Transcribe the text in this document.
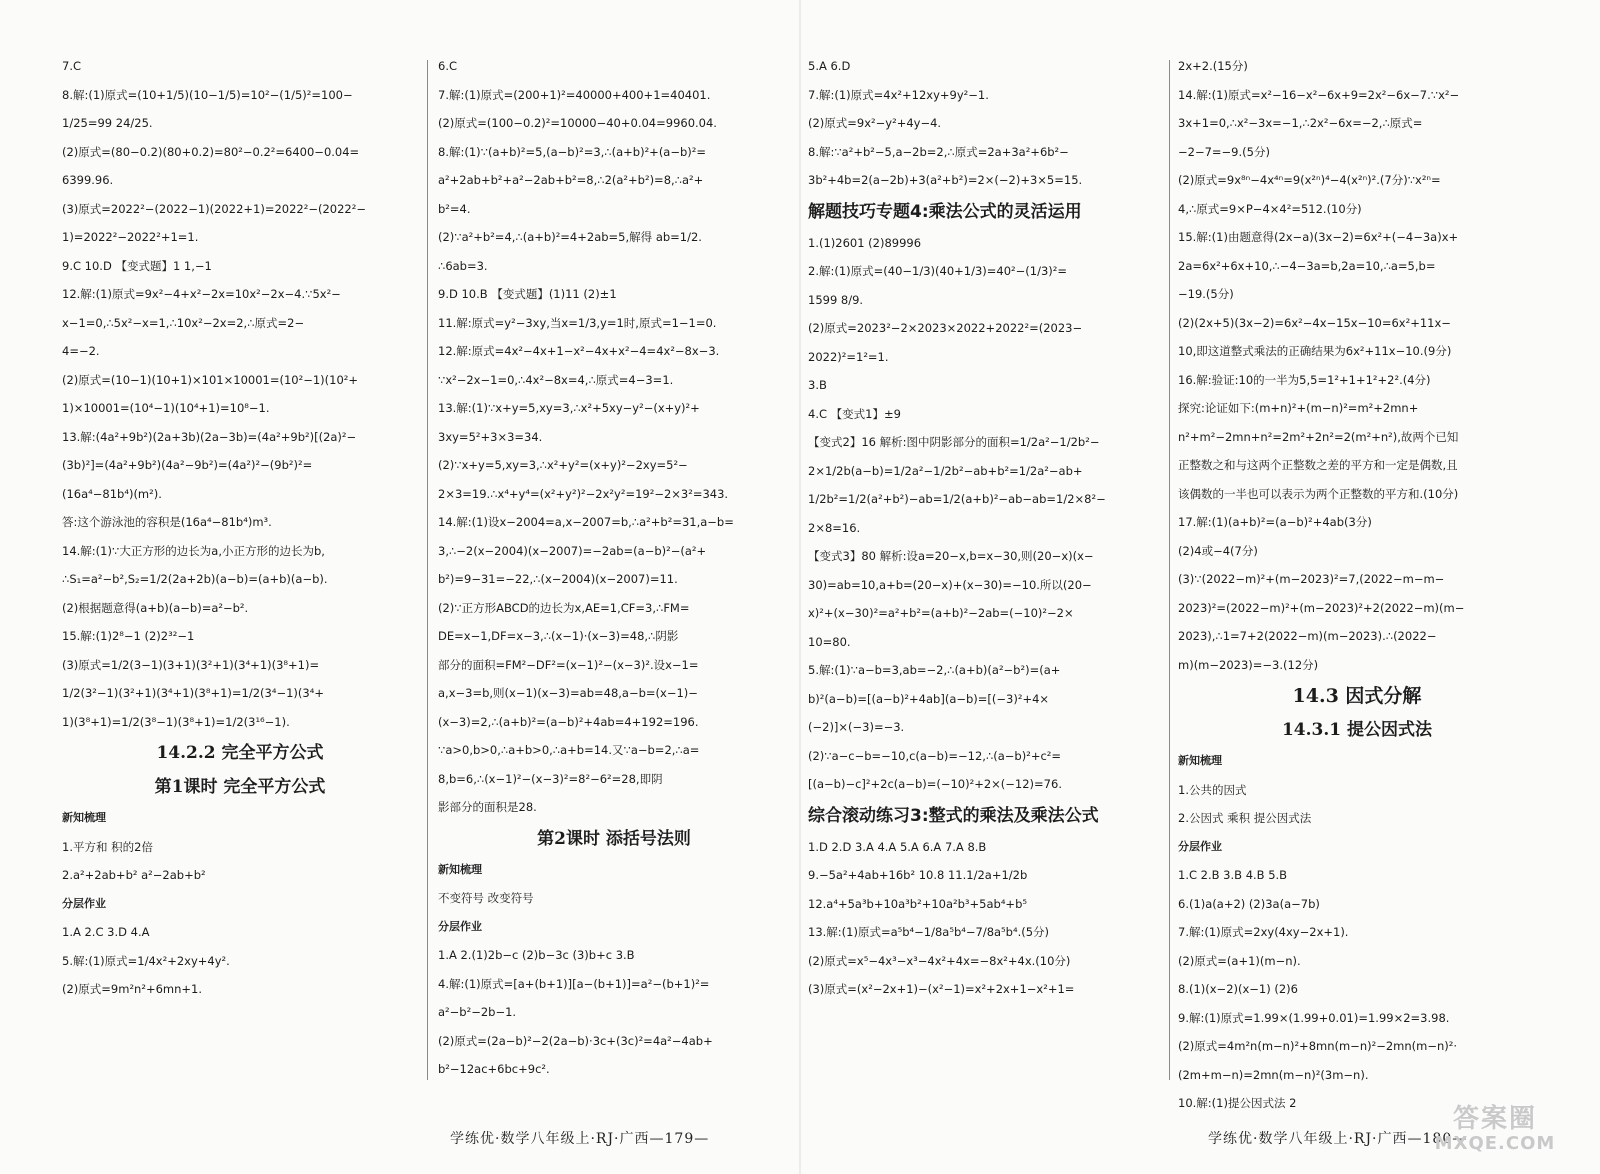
7.C
8.解:(1)原式=(10+1/5)(10−1/5)=10²−(1/5)²=100−
1/25=99 24/25.
(2)原式=(80−0.2)(80+0.2)=80²−0.2²=6400−0.04=
6399.96.
(3)原式=2022²−(2022−1)(2022+1)=2022²−(2022²−
1)=2022²−2022²+1=1.
9.C 10.D 【变式题】1 1,−1
12.解:(1)原式=9x²−4+x²−2x=10x²−2x−4.∵5x²−
x−1=0,∴5x²−x=1,∴10x²−2x=2,∴原式=2−
4=−2.
(2)原式=(10−1)(10+1)×101×10001=(10²−1)(10²+
1)×10001=(10⁴−1)(10⁴+1)=10⁸−1.
13.解:(4a²+9b²)(2a+3b)(2a−3b)=(4a²+9b²)[(2a)²−
(3b)²]=(4a²+9b²)(4a²−9b²)=(4a²)²−(9b²)²=
(16a⁴−81b⁴)(m²).
答:这个游泳池的容积是(16a⁴−81b⁴)m³.
14.解:(1)∵大正方形的边长为a,小正方形的边长为b,
∴S₁=a²−b²,S₂=1/2(2a+2b)(a−b)=(a+b)(a−b).
(2)根据题意得(a+b)(a−b)=a²−b².
15.解:(1)2⁸−1 (2)2³²−1
(3)原式=1/2(3−1)(3+1)(3²+1)(3⁴+1)(3⁸+1)=
1/2(3²−1)(3²+1)(3⁴+1)(3⁸+1)=1/2(3⁴−1)(3⁴+
1)(3⁸+1)=1/2(3⁸−1)(3⁸+1)=1/2(3¹⁶−1).
14.2.2 完全平方公式
第1课时 完全平方公式
新知梳理
1.平方和 积的2倍
2.a²+2ab+b² a²−2ab+b²
分层作业
1.A 2.C 3.D 4.A
5.解:(1)原式=1/4x²+2xy+4y².
(2)原式=9m²n²+6mn+1.
6.C
7.解:(1)原式=(200+1)²=40000+400+1=40401.
(2)原式=(100−0.2)²=10000−40+0.04=9960.04.
8.解:(1)∵(a+b)²=5,(a−b)²=3,∴(a+b)²+(a−b)²=
a²+2ab+b²+a²−2ab+b²=8,∴2(a²+b²)=8,∴a²+
b²=4.
(2)∵a²+b²=4,∴(a+b)²=4+2ab=5,解得 ab=1/2.
∴6ab=3.
9.D 10.B 【变式题】(1)11 (2)±1
11.解:原式=y²−3xy,当x=1/3,y=1时,原式=1−1=0.
12.解:原式=4x²−4x+1−x²−4x+x²−4=4x²−8x−3.
∵x²−2x−1=0,∴4x²−8x=4,∴原式=4−3=1.
13.解:(1)∵x+y=5,xy=3,∴x²+5xy−y²−(x+y)²+
3xy=5²+3×3=34.
(2)∵x+y=5,xy=3,∴x²+y²=(x+y)²−2xy=5²−
2×3=19.∴x⁴+y⁴=(x²+y²)²−2x²y²=19²−2×3²=343.
14.解:(1)设x−2004=a,x−2007=b,∴a²+b²=31,a−b=
3,∴−2(x−2004)(x−2007)=−2ab=(a−b)²−(a²+
b²)=9−31=−22,∴(x−2004)(x−2007)=11.
(2)∵正方形ABCD的边长为x,AE=1,CF=3,∴FM=
DE=x−1,DF=x−3,∴(x−1)·(x−3)=48,∴阴影
部分的面积=FM²−DF²=(x−1)²−(x−3)².设x−1=
a,x−3=b,则(x−1)(x−3)=ab=48,a−b=(x−1)−
(x−3)=2,∴(a+b)²=(a−b)²+4ab=4+192=196.
∵a>0,b>0,∴a+b>0,∴a+b=14.又∵a−b=2,∴a=
8,b=6,∴(x−1)²−(x−3)²=8²−6²=28,即阴
影部分的面积是28.
第2课时 添括号法则
新知梳理
不变符号 改变符号
分层作业
1.A 2.(1)2b−c (2)b−3c (3)b+c 3.B
4.解:(1)原式=[a+(b+1)][a−(b+1)]=a²−(b+1)²=
a²−b²−2b−1.
(2)原式=(2a−b)²−2(2a−b)·3c+(3c)²=4a²−4ab+
b²−12ac+6bc+9c².
学练优·数学八年级上·RJ·广西—179—
5.A 6.D
7.解:(1)原式=4x²+12xy+9y²−1.
(2)原式=9x²−y²+4y−4.
8.解:∵a²+b²−5,a−2b=2,∴原式=2a+3a²+6b²−
3b²+4b=2(a−2b)+3(a²+b²)=2×(−2)+3×5=15.
解题技巧专题4:乘法公式的灵活运用
1.(1)2601 (2)89996
2.解:(1)原式=(40−1/3)(40+1/3)=40²−(1/3)²=
1599 8/9.
(2)原式=2023²−2×2023×2022+2022²=(2023−
2022)²=1²=1.
3.B
4.C 【变式1】±9
【变式2】16 解析:图中阴影部分的面积=1/2a²−1/2b²−
2×1/2b(a−b)=1/2a²−1/2b²−ab+b²=1/2a²−ab+
1/2b²=1/2(a²+b²)−ab=1/2(a+b)²−ab−ab=1/2×8²−
2×8=16.
【变式3】80 解析:设a=20−x,b=x−30,则(20−x)(x−
30)=ab=10,a+b=(20−x)+(x−30)=−10.所以(20−
x)²+(x−30)²=a²+b²=(a+b)²−2ab=(−10)²−2×
10=80.
5.解:(1)∵a−b=3,ab=−2,∴(a+b)(a²−b²)=(a+
b)²(a−b)=[(a−b)²+4ab](a−b)=[(−3)²+4×
(−2)]×(−3)=−3.
(2)∵a−c−b=−10,c(a−b)=−12,∴(a−b)²+c²=
[(a−b)−c]²+2c(a−b)=(−10)²+2×(−12)=76.
综合滚动练习3:整式的乘法及乘法公式
1.D 2.D 3.A 4.A 5.A 6.A 7.A 8.B
9.−5a²+4ab+16b² 10.8 11.1/2a+1/2b
12.a⁴+5a³b+10a³b²+10a²b³+5ab⁴+b⁵
13.解:(1)原式=a⁵b⁴−1/8a⁵b⁴−7/8a⁵b⁴.(5分)
(2)原式=x⁵−4x³−x³−4x²+4x=−8x²+4x.(10分)
(3)原式=(x²−2x+1)−(x²−1)=x²+2x+1−x²+1=
2x+2.(15分)
14.解:(1)原式=x²−16−x²−6x+9=2x²−6x−7.∵x²−
3x+1=0,∴x²−3x=−1,∴2x²−6x=−2,∴原式=
−2−7=−9.(5分)
(2)原式=9x⁸ⁿ−4x⁴ⁿ=9(x²ⁿ)⁴−4(x²ⁿ)².(7分)∵x²ⁿ=
4,∴原式=9×P−4×4²=512.(10分)
15.解:(1)由题意得(2x−a)(3x−2)=6x²+(−4−3a)x+
2a=6x²+6x+10,∴−4−3a=b,2a=10,∴a=5,b=
−19.(5分)
(2)(2x+5)(3x−2)=6x²−4x−15x−10=6x²+11x−
10,即这道整式乘法的正确结果为6x²+11x−10.(9分)
16.解:验证:10的一半为5,5=1²+1+1²+2².(4分)
探究:论证如下:(m+n)²+(m−n)²=m²+2mn+
n²+m²−2mn+n²=2m²+2n²=2(m²+n²),故两个已知
正整数之和与这两个正整数之差的平方和一定是偶数,且
该偶数的一半也可以表示为两个正整数的平方和.(10分)
17.解:(1)(a+b)²=(a−b)²+4ab(3分)
(2)4或−4(7分)
(3)∵(2022−m)²+(m−2023)²=7,(2022−m−m−
2023)²=(2022−m)²+(m−2023)²+2(2022−m)(m−
2023),∴1=7+2(2022−m)(m−2023).∴(2022−
m)(m−2023)=−3.(12分)
14.3 因式分解
14.3.1 提公因式法
新知梳理
1.公共的因式
2.公因式 乘积 提公因式法
分层作业
1.C 2.B 3.B 4.B 5.B
6.(1)a(a+2) (2)3a(a−7b)
7.解:(1)原式=2xy(4xy−2x+1).
(2)原式=(a+1)(m−n).
8.(1)(x−2)(x−1) (2)6
9.解:(1)原式=1.99×(1.99+0.01)=1.99×2=3.98.
(2)原式=4m²n(m−n)²+8mn(m−n)²−2mn(m−n)²·
(2m+m−n)=2mn(m−n)²(3m−n).
10.解:(1)提公因式法 2
学练优·数学八年级上·RJ·广西—180—
答案圈
MXQE.COM
